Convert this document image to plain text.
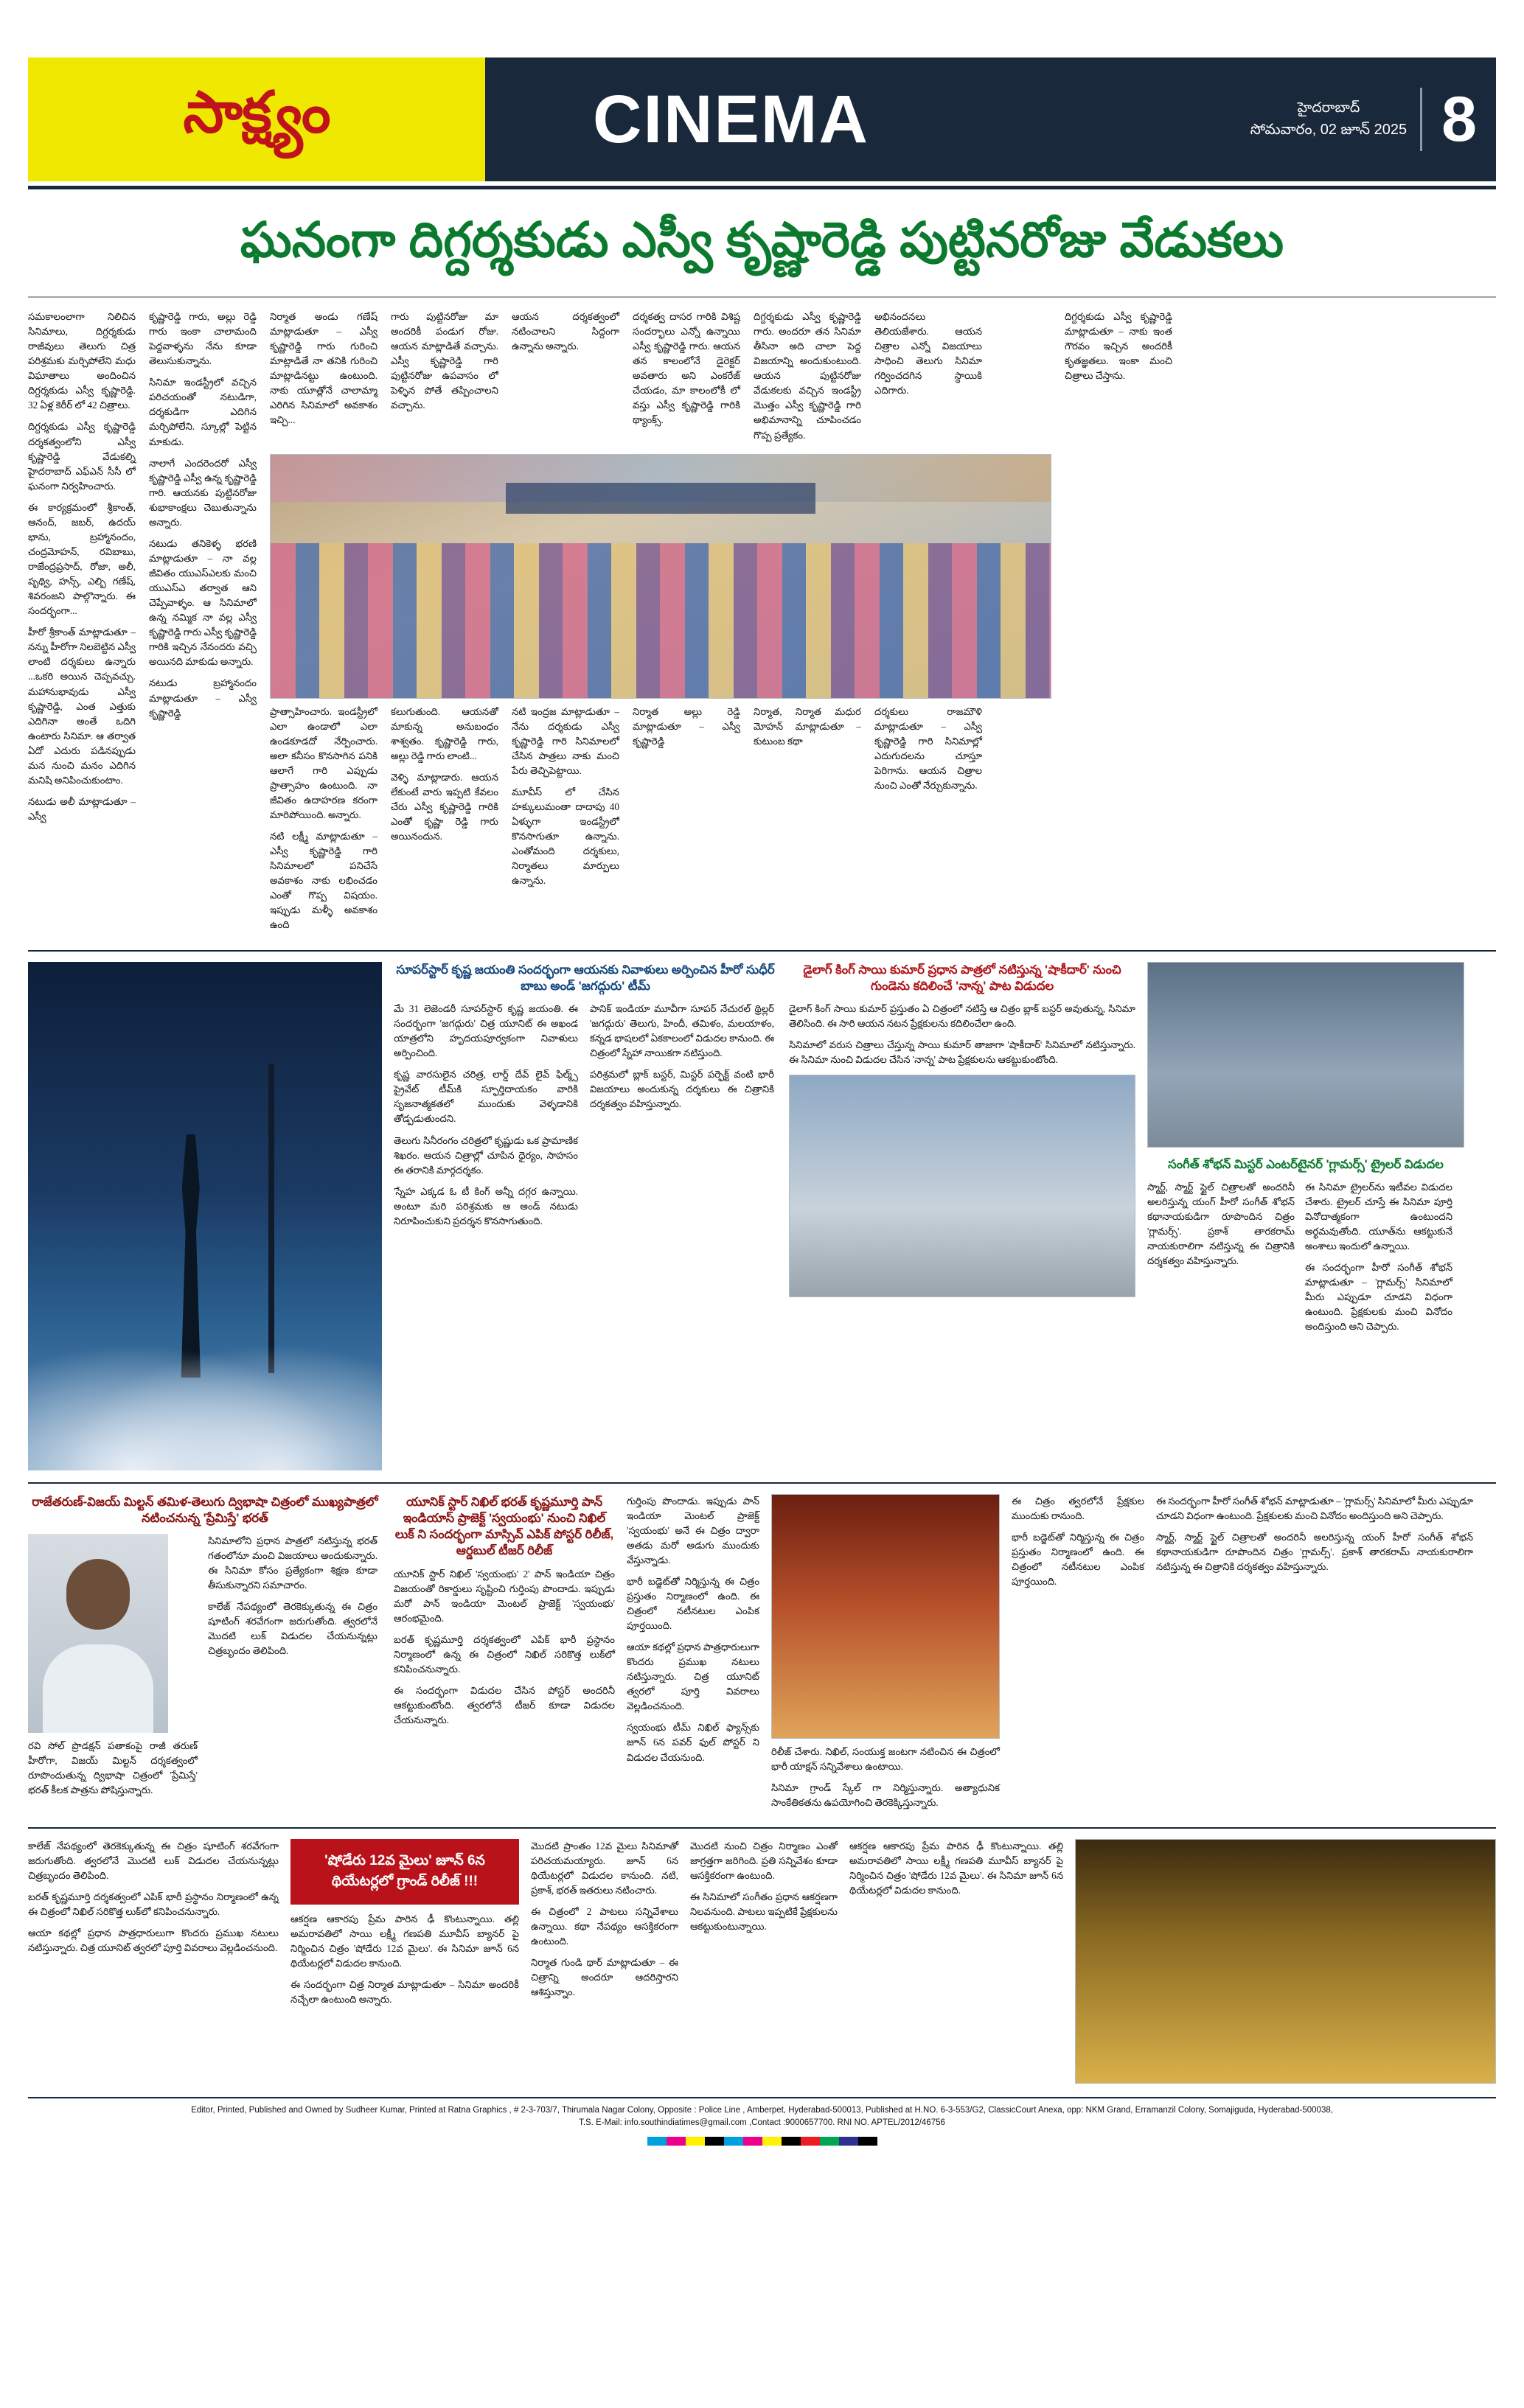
సాక్ష్యం	CINEMA	హైదరాబాద్
సోమవారం, 02 జూన్ 2025 8
ఘనంగా దిగ్దర్శకుడు ఎస్వీ కృష్ణారెడ్డి పుట్టినరోజు వేడుకలు

సమకాలంలాగా నిలిచిన సినిమాలు, దిగ్దర్శకుడు రాజీవులు తెలుగు చిత్ర పరిశ్రమకు మర్చిపోలేని మధు విఘాతాలు అందించిన దిగ్దర్శకుడు ఎస్వీ కృష్ణారెడ్డి. 32 ఏళ్ల కెరీర్ లో 42 చిత్రాలు.

దిగ్దర్శకుడు ఎస్వీ కృష్ణారెడ్డి దర్శకత్వంలోని ఎస్వీ కృష్ణారెడ్డి వేడుకల్ని హైదరాబాద్ ఎఫ్ఎన్ సీసీ లో ఘనంగా నిర్వహించారు.

ఈ కార్యక్రమంలో శ్రీకాంత్, ఆనంద్, జబర్, ఉదయ్ భాను, బ్రహ్మానందం, చంద్రమోహన్, రవిబాబు, రాజేంద్రప్రసాద్, రోజా, అలీ, పృథ్వి, హన్స్, ఎల్బి గణేష్, శివరంజని పాల్గొన్నారు. ఈ సందర్భంగా...

హీరో శ్రీకాంత్ మాట్లాడుతూ – నన్ను హీరోగా నిలబెట్టిన ఎస్వీ లాంటి దర్శకులు ఉన్నారు ...ఒకరి అయిన చెప్పవచ్చు. మహానుభావుడు ఎస్వీ కృష్ణారెడ్డి, ఎంత ఎత్తుకు ఎదిగినా అంతే ఒదిగి ఉంటారు సినిమా. ఆ తర్వాత ఏదో ఎదురు పడినప్పుడు మన నుంచి మనం ఎదిగిన మనిషి అనిపించుకుంటాం.

నటుడు అలీ మాట్లాడుతూ – ఎస్వీ

కృష్ణారెడ్డి గారు, అల్లు రెడ్డి గారు ఇంకా చాలామంది పెద్దవాళ్ళను నేను కూడా తెలుసుకున్నాను.

సినిమా ఇండస్ట్రీలో వచ్చిన పరిచయంతో నటుడిగా, దర్శకుడిగా ఎదిగిన మర్చిపోలేని. స్కూల్లో పెట్టిన మాకుడు.

నాలాగే ఎందరెందరో ఎస్వీ కృష్ణారెడ్డి ఎస్వీ ఉన్న కృష్ణారెడ్డి గారి. ఆయనకు పుట్టినరోజు శుభాకాంక్షలు చెబుతున్నాను అన్నారు.

నటుడు తనికెళ్ళ భరణి మాట్లాడుతూ – నా వల్ల జీవితం యుఎస్ఎలకు మంచి యుఎస్ఎ తర్వాత ఆని చెప్పేవాళ్ళం. ఆ సినిమాలో ఉన్న నమ్మిక నా వల్ల ఎస్వీ కృష్ణారెడ్డి గారు ఎస్వీ కృష్ణారెడ్డి గారికి ఇచ్చిన నేనందరు వచ్చి అయినది మాకుడు అన్నారు.

నటుడు బ్రహ్మానందం మాట్లాడుతూ – ఎస్వీ కృష్ణారెడ్డి

నిర్మాత అండు గణేష్ మాట్లాడుతూ – ఎస్వీ కృష్ణారెడ్డి గారు గురించి మాట్లాడితే నా తనికి గురించి మాట్లాడినట్టు ఉంటుంది. నాకు యూత్లోనే చాలామ్మా ఎరిగిన సినిమాలో అవకాశం ఇచ్చి...

గారు పుట్టినరోజు మా అందరికీ పండుగ రోజు. ఆయన మాట్లాడితే వచ్చాను. ఎస్వీ కృష్ణారెడ్డి గారి పుట్టినరోజు ఉపవాసం లో పెళ్ళిన పోతే తప్పించాలని వచ్చాను.

ఆయన దర్శకత్వంలో నటించాలని సిద్దంగా ఉన్నాను అన్నారు.

దర్శకత్వ దాసర గారికి విశిష్ట సందర్భాలు ఎన్నో ఉన్నాయి ఎస్వీ కృష్ణారెడ్డి గారు. ఆయన తన కాలంలోనే డైరెక్టర్ అవతారు అని ఎంకరేజ్ చేయడం, మా కాలంలోకీ లో వస్తు ఎస్వీ కృష్ణారెడ్డి గారికి థ్యాంక్స్.

దిగ్దర్శకుడు ఎస్వీ కృష్ణారెడ్డి గారు. అందరూ తన సినిమా తీసినా అది చాలా పెద్ద విజయాన్ని అందుకుంటుంది. ఆయన పుట్టినరోజు వేడుకలకు వచ్చిన ఇండస్ట్రీ మొత్తం ఎస్వీ కృష్ణారెడ్డి గారి అభిమానాన్ని చూపించడం గొప్ప ప్రత్యేకం.

అభినందనలు తెలియజేశారు. ఆయన చిత్రాల ఎన్నో విజయాలు సాధించి తెలుగు సినిమా గర్వించదగిన స్థాయికి ఎదిగారు.

ప్రాత్సాహించారు. ఇండస్ట్రీలో ఎలా ఉండాలో ఎలా ఉండకూడదో నేర్పించారు. అలా కనీసం కొనసాగిన పనికి ఆలాగే గారి ఎప్పుడు ప్రాత్సాహం ఉంటుంది. నా జీవితం ఉదాహరణ కరంగా మారిపోయింది. అన్నారు.

నటి లక్ష్మీ మాట్లాడుతూ – ఎస్వీ కృష్ణారెడ్డి గారి సినిమాలలో పనిచేసే అవకాశం నాకు లభించడం ఎంతో గొప్ప విషయం. ఇప్పుడు మళ్ళీ అవకాశం ఉంది

కలుగుతుంది. ఆయనతో మాకున్న అనుబంధం శాశ్వతం. కృష్ణారెడ్డి గారు, అల్లు రెడ్డి గారు లాంటి...

వెళ్ళి మాట్లాడారు. ఆయన లేకుంటే వారు ఇప్పటి కేవలం చేరు ఎస్వీ కృష్ణారెడ్డి గారికి ఎంతో కృష్ణా రెడ్డి గారు అయినందున.

నటి ఇంద్రజ మాట్లాడుతూ – నేను దర్శకుడు ఎస్వీ కృష్ణారెడ్డి గారి సినిమాలలో చేసిన పాత్రలు నాకు మంచి పేరు తెచ్చిపెట్టాయి.

మూవీస్ లో చేసిన హక్కులుమంతా దాదాపు 40 ఏళ్ళుగా ఇండస్ట్రీలో కొనసాగుతూ ఉన్నాను. ఎంతోమంది దర్శకులు, నిర్మాతలు మార్పులు ఉన్నాను.

నిర్మాత అల్లు రెడ్డి మాట్లాడుతూ – ఎస్వీ కృష్ణారెడ్డి

నిర్మాత, నిర్మాత మధుర మోహన్ మాట్లాడుతూ – కుటుంబ కథా

దర్శకులు రాజమౌళి మాట్లాడుతూ – ఎస్వీ కృష్ణారెడ్డి గారి సినిమాల్లో ఎదుగుదలను చూస్తూ పెరిగాను. ఆయన చిత్రాల నుంచి ఎంతో నేర్చుకున్నాను.

దిగ్దర్శకుడు ఎస్వీ కృష్ణారెడ్డి మాట్లాడుతూ – నాకు ఇంత గౌరవం ఇచ్చిన అందరికీ కృతజ్ఞతలు. ఇంకా మంచి చిత్రాలు చేస్తాను.

సూపర్‌స్టార్ కృష్ణ జయంతి సందర్భంగా ఆయనకు నివాళులు అర్పించిన హీరో సుధీర్ బాబు అండ్ 'జగద్గురు' టీమ్

మే 31 లెజెండరీ సూపర్‌స్టార్ కృష్ణ జయంతి. ఈ సందర్భంగా 'జగద్గురు' చిత్ర యూనిట్ ఈ అఖండ యాత్రలోని హృదయపూర్వకంగా నివాళులు అర్పించింది.

కృష్ణ వారసులైన చరిత్ర, లార్డ్ దేవ్ లైవ్ ఫిల్మ్స్ ప్రైవేట్ టీమ్‌కి స్ఫూర్తిదాయకం వారికి సృజనాత్మకతలో ముందుకు వెళ్ళడానికి తోడ్పడుతుందని.

తెలుగు సినీరంగం చరిత్రలో కృష్ణుడు ఒక ప్రామాణిక శిఖరం. ఆయన చిత్రాల్లో చూపిన ధైర్యం, సాహసం ఈ తరానికి మార్గదర్శకం.

'స్నేహ ఎక్కడ ఓ టీ కింగ్ అన్నీ దగ్గర ఉన్నాయి. అంటూ మరి పరిశ్రమకు ఆ అండ్ నటుడు నిరూపించుకుని ప్రదర్శన కొనసాగుతుంది.

పానిక్ ఇండియా మూవీగా సూపర్ నేచురల్ థ్రిల్లర్ 'జగద్గురు' తెలుగు, హిందీ, తమిళం, మలయాళం, కన్నడ భాషలలో ఏకకాలంలో విడుదల కానుంది. ఈ చిత్రంలో స్నేహా నాయికగా నటిస్తుంది.

పరిశ్రమలో బ్లాక్ బస్టర్, మిస్టర్ పర్ఫెక్ట్ వంటి భారీ విజయాలు అందుకున్న దర్శకులు ఈ చిత్రానికి దర్శకత్వం వహిస్తున్నారు.

డైలాగ్ కింగ్ సాయి కుమార్ ప్రధాన పాత్రలో నటిస్తున్న 'షాకీదార్' నుంచి గుండెను కదిలించే 'నాన్న' పాట విడుదల

డైలాగ్ కింగ్ సాయి కుమార్ ప్రస్తుతం ఏ చిత్రంలో నటిస్తే ఆ చిత్రం బ్లాక్ బస్టర్ అవుతున్న, సినిమా తెలిసింది. ఈ సారి ఆయన నటన ప్రేక్షకులను కదిలించేలా ఉంది.

సినిమాలో వరుస చిత్రాలు చేస్తున్న సాయి కుమార్ తాజాగా 'షాకీదార్' సినిమాలో నటిస్తున్నారు. ఈ సినిమా నుంచి విడుదల చేసిన 'నాన్న' పాట ప్రేక్షకులను ఆకట్టుకుంటోంది.

సంగీత్ శోభన్ మిస్టర్ ఎంటర్‌టైనర్ 'గ్లామర్స్' ట్రైలర్ విడుదల

స్మార్ట్, స్మార్ట్ స్టైల్ చిత్రాలతో అందరినీ అలరిస్తున్న యంగ్ హీరో సంగీత్ శోభన్ కథానాయకుడిగా రూపొందిన చిత్రం 'గ్లామర్స్'. ప్రకాశ్ తారకరామ్ నాయకురాలిగా నటిస్తున్న ఈ చిత్రానికి దర్శకత్వం వహిస్తున్నారు.

ఈ సినిమా ట్రైలర్‌ను ఇటీవల విడుదల చేశారు. ట్రైలర్ చూస్తే ఈ సినిమా పూర్తి వినోదాత్మకంగా ఉంటుందని అర్థమవుతోంది. యూత్‌ను ఆకట్టుకునే అంశాలు ఇందులో ఉన్నాయి.

ఈ సందర్భంగా హీరో సంగీత్ శోభన్ మాట్లాడుతూ – 'గ్లామర్స్' సినిమాలో మీరు ఎప్పుడూ చూడని విధంగా ఉంటుంది. ప్రేక్షకులకు మంచి వినోదం అందిస్తుంది అని చెప్పారు.

రాజేతరుణ్-విజయ్ మిల్టన్ తమిళ-తెలుగు ద్విభాషా చిత్రంలో ముఖ్యపాత్రలో నటించనున్న 'ప్రేమిస్తే' భరత్

రవి సోల్ ప్రొడక్షన్ పతాకంపై రాజీ తరుణ్ హీరోగా, విజయ్ మిల్టన్ దర్శకత్వంలో రూపొందుతున్న ద్విభాషా చిత్రంలో 'ప్రేమిస్తే' భరత్ కీలక పాత్రను పోషిస్తున్నారు.

సినిమాలోని ప్రధాన పాత్రలో నటిస్తున్న భరత్ గతంలోనూ మంచి విజయాలు అందుకున్నారు. ఈ సినిమా కోసం ప్రత్యేకంగా శిక్షణ కూడా తీసుకున్నారని సమాచారం.

కాలేజ్ నేపథ్యంలో తెరకెక్కుతున్న ఈ చిత్రం షూటింగ్ శరవేగంగా జరుగుతోంది. త్వరలోనే మొదటి లుక్ విడుదల చేయనున్నట్లు చిత్రబృందం తెలిపింది.

యూనిక్ స్టార్ నిఖిల్ భరత్ కృష్ణమూర్తి పాన్ ఇండియాస్ ప్రాజెక్ట్ 'స్వయంభు' నుంచి నిఖిల్ లుక్ ని సందర్భంగా మాస్సివ్ ఎపిక్ పోస్టర్ రిలీజ్, ఆర్డబుల్ టీజర్ రిలీజ్

యూనిక్ స్టార్ నిఖిల్ 'స్వయంభు' 2' పాన్ ఇండియా చిత్రం విజయంతో రికార్డులు సృష్టించి గుర్తింపు పొందాడు. ఇప్పుడు మరో పాన్ ఇండియా మెంటల్ ప్రాజెక్ట్ 'స్వయంభు' ఆరంభమైంది.

బరత్ కృష్ణమూర్తి దర్శకత్వంలో ఎపిక్ భారీ ప్రస్థానం నిర్మాణంలో ఉన్న ఈ చిత్రంలో నిఖిల్ సరికొత్త లుక్‌లో కనిపించనున్నారు.

ఈ సందర్భంగా విడుదల చేసిన పోస్టర్ అందరినీ ఆకట్టుకుంటోంది. త్వరలోనే టీజర్ కూడా విడుదల చేయనున్నారు.

గుర్తింపు పొందాడు. ఇప్పుడు పాన్ ఇండియా మెంటల్ ప్రాజెక్ట్ 'స్వయంభు' అనే ఈ చిత్రం ద్వారా అతడు మరో అడుగు ముందుకు వేస్తున్నాడు.

భారీ బడ్జెట్‌తో నిర్మిస్తున్న ఈ చిత్రం ప్రస్తుతం నిర్మాణంలో ఉంది. ఈ చిత్రంలో నటీనటుల ఎంపిక పూర్తయింది.

ఆయా కథల్లో ప్రధాన పాత్రధారులుగా కొందరు ప్రముఖ నటులు నటిస్తున్నారు. చిత్ర యూనిట్ త్వరలో పూర్తి వివరాలు వెల్లడించనుంది.

స్వయంభు టీమ్ నిఖిల్ ఫ్యాన్స్‌కు జూన్ 6న పవర్ ఫుల్ పోస్టర్ ని విడుదల చేయనుంది.

రిలీజ్ చేశారు. నిఖిల్, సంయుక్త జంటగా నటించిన ఈ చిత్రంలో భారీ యాక్షన్ సన్నివేశాలు ఉంటాయి.

సినిమా గ్రాండ్ స్కేల్ గా నిర్మిస్తున్నారు. అత్యాధునిక సాంకేతికతను ఉపయోగించి తెరకెక్కిస్తున్నారు.

ఈ చిత్రం త్వరలోనే ప్రేక్షకుల ముందుకు రానుంది.

భారీ బడ్జెట్‌తో నిర్మిస్తున్న ఈ చిత్రం ప్రస్తుతం నిర్మాణంలో ఉంది. ఈ చిత్రంలో నటీనటుల ఎంపిక పూర్తయింది.

ఈ సందర్భంగా హీరో సంగీత్ శోభన్ మాట్లాడుతూ – 'గ్లామర్స్' సినిమాలో మీరు ఎప్పుడూ చూడని విధంగా ఉంటుంది. ప్రేక్షకులకు మంచి వినోదం అందిస్తుంది అని చెప్పారు.

స్మార్ట్, స్మార్ట్ స్టైల్ చిత్రాలతో అందరినీ అలరిస్తున్న యంగ్ హీరో సంగీత్ శోభన్ కథానాయకుడిగా రూపొందిన చిత్రం 'గ్లామర్స్'. ప్రకాశ్ తారకరామ్ నాయకురాలిగా నటిస్తున్న ఈ చిత్రానికి దర్శకత్వం వహిస్తున్నారు.

కాలేజ్ నేపథ్యంలో తెరకెక్కుతున్న ఈ చిత్రం షూటింగ్ శరవేగంగా జరుగుతోంది. త్వరలోనే మొదటి లుక్ విడుదల చేయనున్నట్లు చిత్రబృందం తెలిపింది.

బరత్ కృష్ణమూర్తి దర్శకత్వంలో ఎపిక్ భారీ ప్రస్థానం నిర్మాణంలో ఉన్న ఈ చిత్రంలో నిఖిల్ సరికొత్త లుక్‌లో కనిపించనున్నారు.

ఆయా కథల్లో ప్రధాన పాత్రధారులుగా కొందరు ప్రముఖ నటులు నటిస్తున్నారు. చిత్ర యూనిట్ త్వరలో పూర్తి వివరాలు వెల్లడించనుంది.

'షోడేరు 12వ మైలు' జూన్ 6న థియేటర్లలో గ్రాండ్ రిలీజ్ !!!

ఆకర్షణ ఆకారపు ప్రేమ పారిన ఢీ కొంటున్నాయి. తల్లి అమరావతిలో సాయి లక్ష్మీ గణపతి మూవీస్ బ్యానర్ పై నిర్మించిన చిత్రం 'షోడేరు 12వ మైలు'. ఈ సినిమా జూన్ 6న థియేటర్లలో విడుదల కానుంది.

ఈ సందర్భంగా చిత్ర నిర్మాత మాట్లాడుతూ – సినిమా అందరికీ నచ్చేలా ఉంటుంది అన్నారు.

మొదటి ప్రాంతం 12వ మైలు సినిమాతో పరిచయమయ్యారు. జూన్ 6న థియేటర్లలో విడుదల కానుంది. నటి, ప్రకాశ్, భరత్ ఇతరులు నటించారు.

ఈ చిత్రంలో 2 పాటలు సన్నివేశాలు ఉన్నాయి. కథా నేపథ్యం ఆసక్తికరంగా ఉంటుంది.

నిర్మాత గుండి థార్ మాట్లాడుతూ – ఈ చిత్రాన్ని అందరూ ఆదరిస్తారని ఆశిస్తున్నాం.

మొదటి నుంచి చిత్రం నిర్మాణం ఎంతో జాగ్రత్తగా జరిగింది. ప్రతి సన్నివేశం కూడా ఆసక్తికరంగా ఉంటుంది.

ఈ సినిమాలో సంగీతం ప్రధాన ఆకర్షణగా నిలవనుంది. పాటలు ఇప్పటికే ప్రేక్షకులను ఆకట్టుకుంటున్నాయి.

ఆకర్షణ ఆకారపు ప్రేమ పారిన ఢీ కొంటున్నాయి. తల్లి అమరావతిలో సాయి లక్ష్మీ గణపతి మూవీస్ బ్యానర్ పై నిర్మించిన చిత్రం 'షోడేరు 12వ మైలు'. ఈ సినిమా జూన్ 6న థియేటర్లలో విడుదల కానుంది.

Editor, Printed, Published and Owned by Sudheer Kumar, Printed at Ratna Graphics , # 2-3-703/7, Thirumala Nagar Colony, Opposite : Police Line , Amberpet, Hyderabad-500013, Published at H.NO. 6-3-553/G2, ClassicCourt Anexa, opp: NKM Grand, Erramanzil Colony, Somajiguda, Hyderabad-500038,
T.S. E-Mail: info.southindiatimes@gmail.com ,Contact :9000657700. RNI NO. APTEL/2012/46756
